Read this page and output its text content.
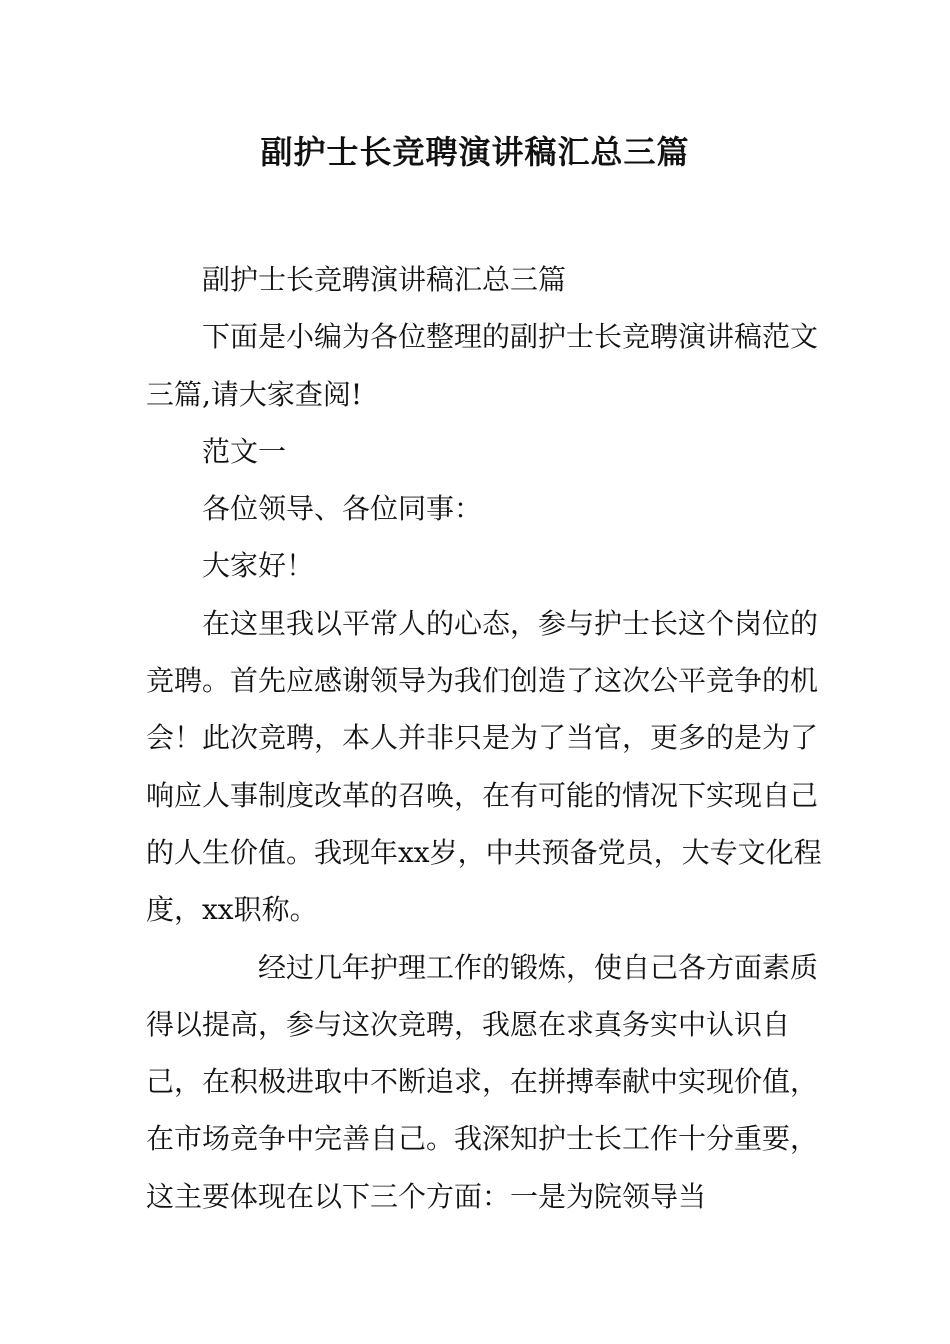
副护士长竞聘演讲稿汇总三篇

副护士长竞聘演讲稿汇总三篇

下面是小编为各位整理的副护士长竞聘演讲稿范文三篇,请大家查阅!

范文一

各位领导、各位同事：

大家好！

在这里我以平常人的心态，参与护士长这个岗位的竞聘。首先应感谢领导为我们创造了这次公平竞争的机会！此次竞聘，本人并非只是为了当官，更多的是为了响应人事制度改革的召唤，在有可能的情况下实现自己的人生价值。我现年xx岁，中共预备党员，大专文化程度，xx职称。

经过几年护理工作的锻炼，使自己各方面素质得以提高，参与这次竞聘，我愿在求真务实中认识自己，在积极进取中不断追求，在拼搏奉献中实现价值，在市场竞争中完善自己。我深知护士长工作十分重要，这主要体现在以下三个方面：一是为院领导当
